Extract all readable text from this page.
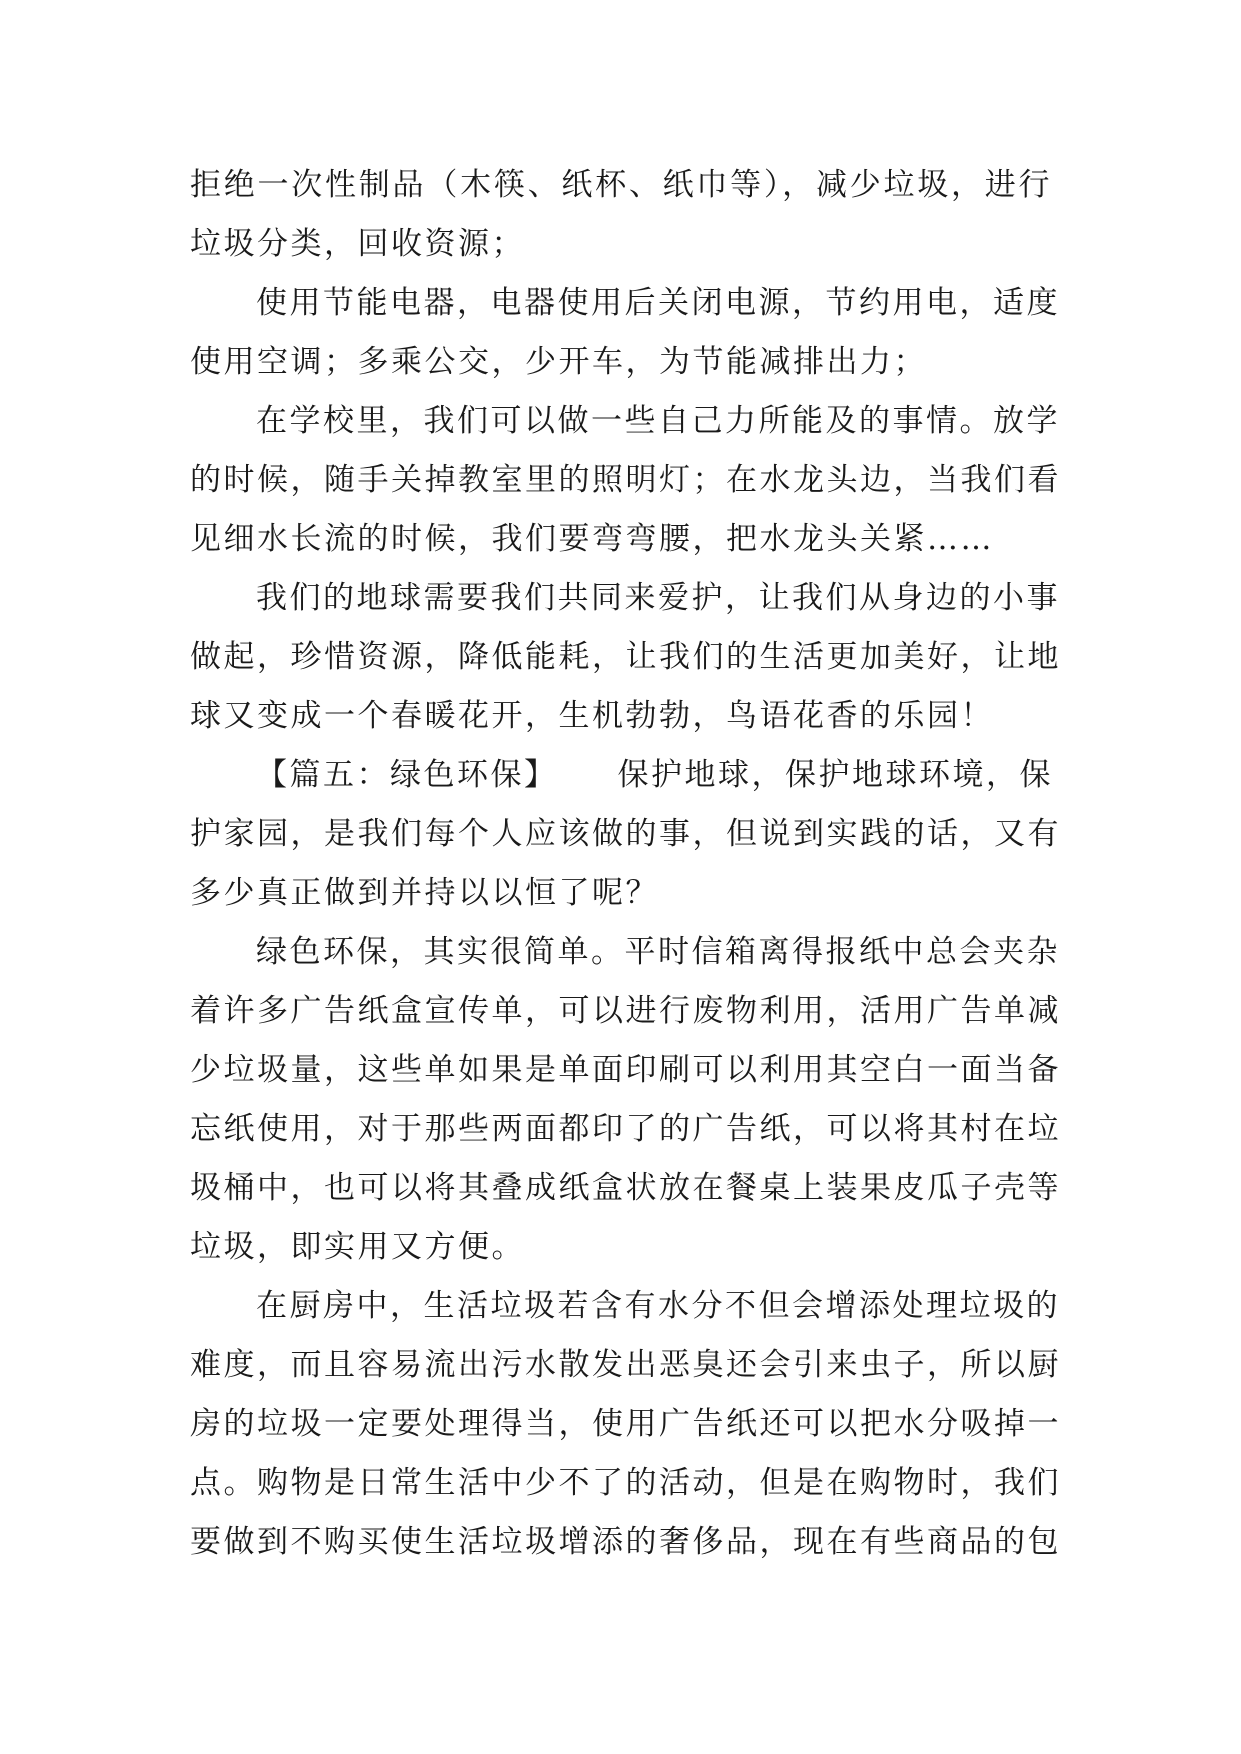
拒绝一次性制品（木筷、纸杯、纸巾等），减少垃圾，进行
垃圾分类，回收资源；
使用节能电器，电器使用后关闭电源，节约用电，适度
使用空调；多乘公交，少开车，为节能减排出力；
在学校里，我们可以做一些自己力所能及的事情。放学
的时候，随手关掉教室里的照明灯；在水龙头边，当我们看
见细水长流的时候，我们要弯弯腰，把水龙头关紧……
我们的地球需要我们共同来爱护，让我们从身边的小事
做起，珍惜资源，降低能耗，让我们的生活更加美好，让地
球又变成一个春暖花开，生机勃勃，鸟语花香的乐园！
【篇五：绿色环保】 保护地球，保护地球环境，保
护家园，是我们每个人应该做的事，但说到实践的话，又有
多少真正做到并持以以恒了呢？
绿色环保，其实很简单。平时信箱离得报纸中总会夹杂
着许多广告纸盒宣传单，可以进行废物利用，活用广告单减
少垃圾量，这些单如果是单面印刷可以利用其空白一面当备
忘纸使用，对于那些两面都印了的广告纸，可以将其村在垃
圾桶中，也可以将其叠成纸盒状放在餐桌上装果皮瓜子壳等
垃圾，即实用又方便。
在厨房中，生活垃圾若含有水分不但会增添处理垃圾的
难度，而且容易流出污水散发出恶臭还会引来虫子，所以厨
房的垃圾一定要处理得当，使用广告纸还可以把水分吸掉一
点。购物是日常生活中少不了的活动，但是在购物时，我们
要做到不购买使生活垃圾增添的奢侈品，现在有些商品的包
